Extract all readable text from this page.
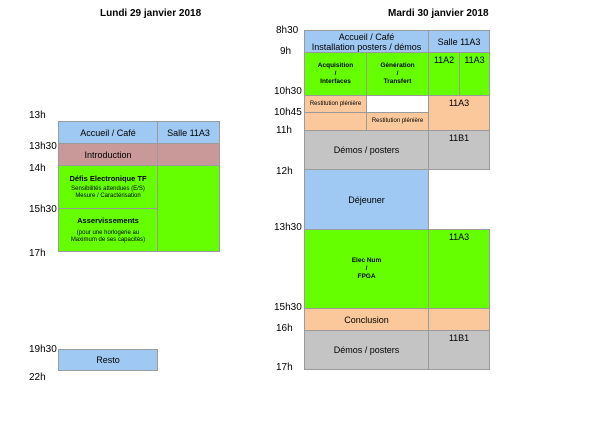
Lundi 29 janvier 2018
13h
13h30
14h
15h30
17h
19h30
22h
Accueil / Café	Salle 11A3
Introduction
Défis Electronique TF
Sensibilités attendues (E/S)
Mesure / Caractérisation
Asservissements
(pour une horlogerie au
Maximum de ses capacités)
Resto
Mardi 30 janvier 2018
8h30
9h
10h30
10h45
11h
12h
13h30
15h30
16h
17h
Accueil / Café
Installation posters / démos Salle 11A3
Acquisition
/
Interfaces
Génération
/
Transfert
11A2 11A3
Restitution plénière
Restitution plénière
11A3
Démos / posters
11B1
Déjeuner
Elec Num
/
FPGA
11A3
Conclusion
Démos / posters
11B1
